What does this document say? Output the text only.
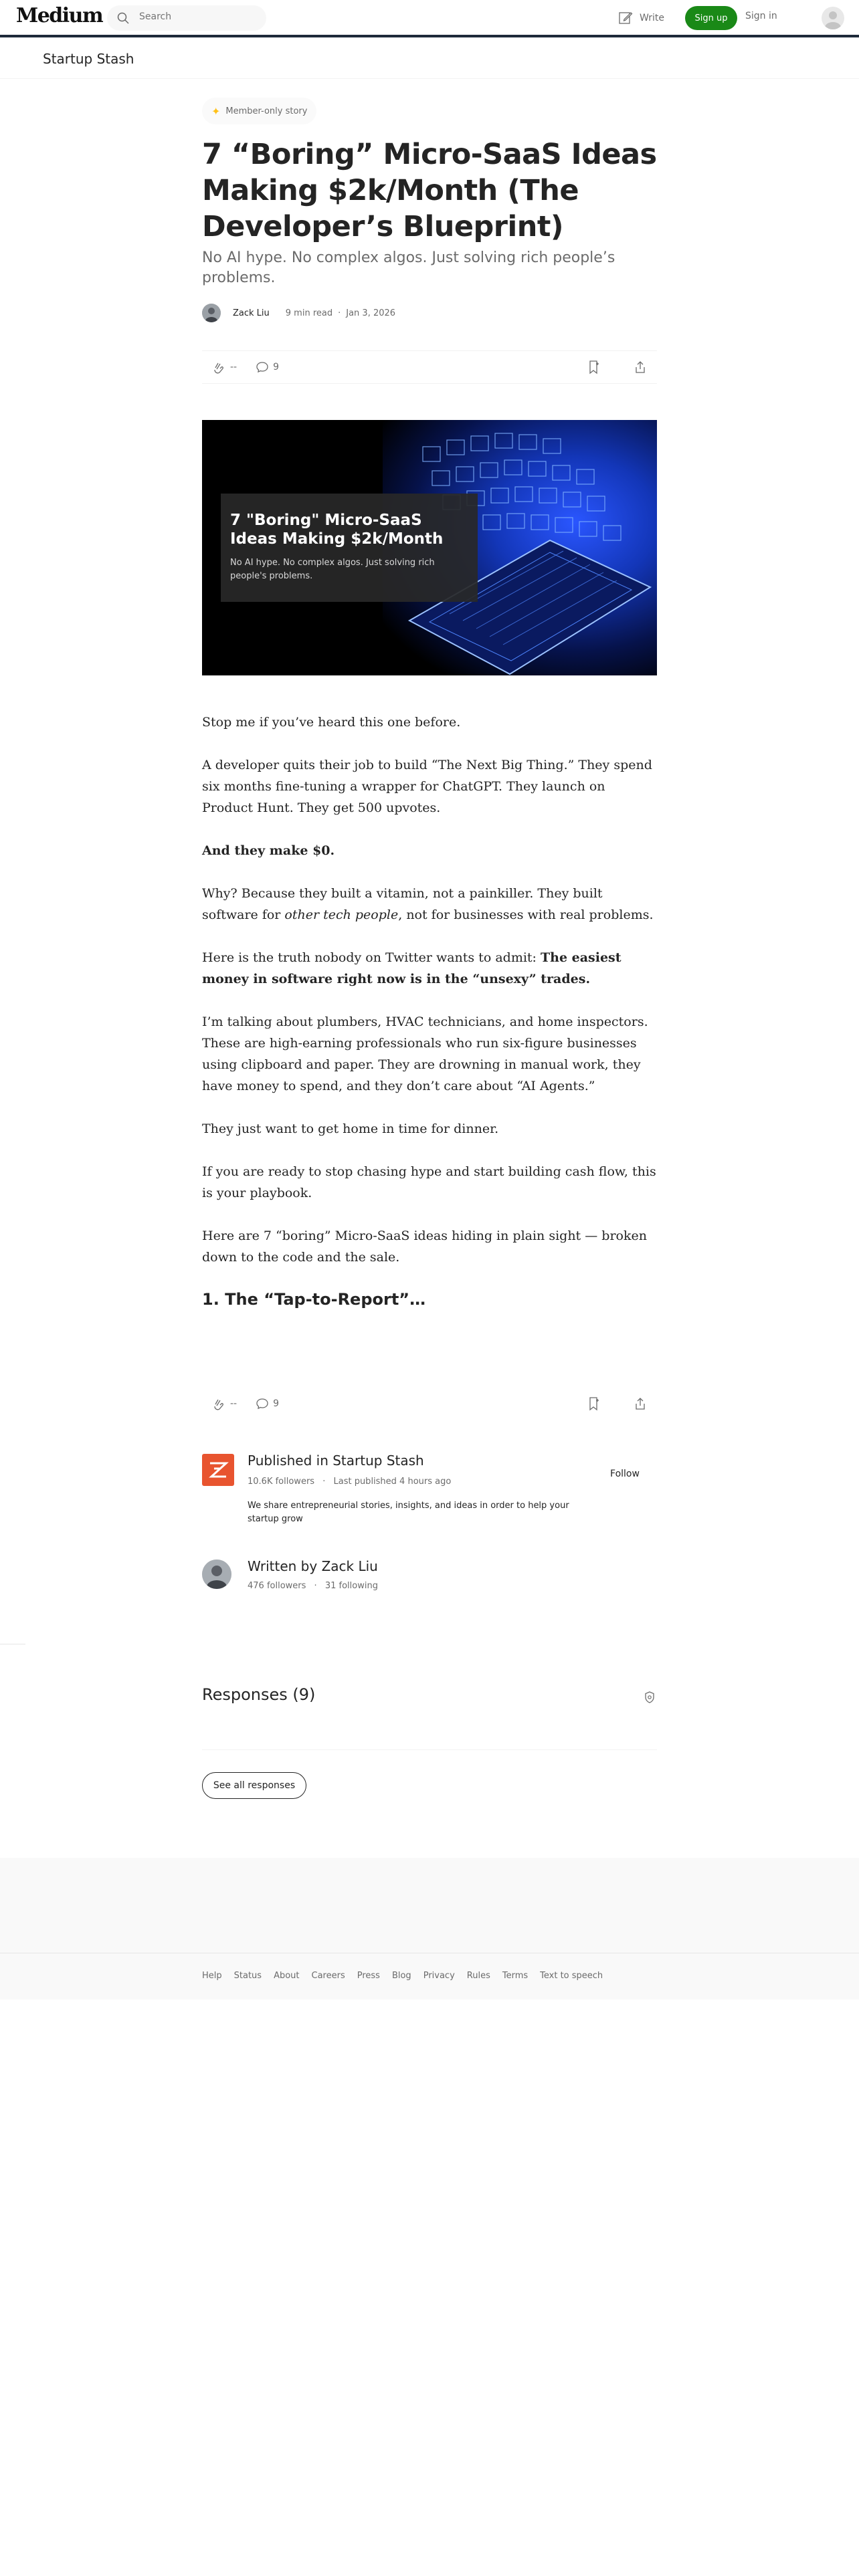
Medium
Search	Write	Sign up	Sign in
Startup Stash
✦ Member-only story
7 “Boring” Micro-SaaS Ideas Making $2k/Month (The Developer’s Blueprint)
No AI hype. No complex algos. Just solving rich people’s problems.
Zack Liu 9 min read · Jan 3, 2026
--	9
7 "Boring" Micro-SaaS Ideas Making $2k/Month
No AI hype. No complex algos. Just solving rich people's problems.

Stop me if you’ve heard this one before.

A developer quits their job to build “The Next Big Thing.” They spend six months fine-tuning a wrapper for ChatGPT. They launch on Product Hunt. They get 500 upvotes.

And they make $0.

Why? Because they built a vitamin, not a painkiller. They built software for other tech people, not for businesses with real problems.

Here is the truth nobody on Twitter wants to admit: The easiest money in software right now is in the “unsexy” trades.

I’m talking about plumbers, HVAC technicians, and home inspectors. These are high-earning professionals who run six-figure businesses using clipboard and paper. They are drowning in manual work, they have money to spend, and they don’t care about “AI Agents.”

They just want to get home in time for dinner.

If you are ready to stop chasing hype and start building cash flow, this is your playbook.

Here are 7 “boring” Micro-SaaS ideas hiding in plain sight — broken down to the code and the sale.

1. The “Tap-to-Report”…
--	9
Published in Startup Stash
10.6K followers · Last published 4 hours ago
We share entrepreneurial stories, insights, and ideas in order to help your startup grow
Follow
Written by Zack Liu
476 followers · 31 following
Responses (9)
See all responses
Help Status About Careers Press Blog Privacy Rules Terms Text to speech
